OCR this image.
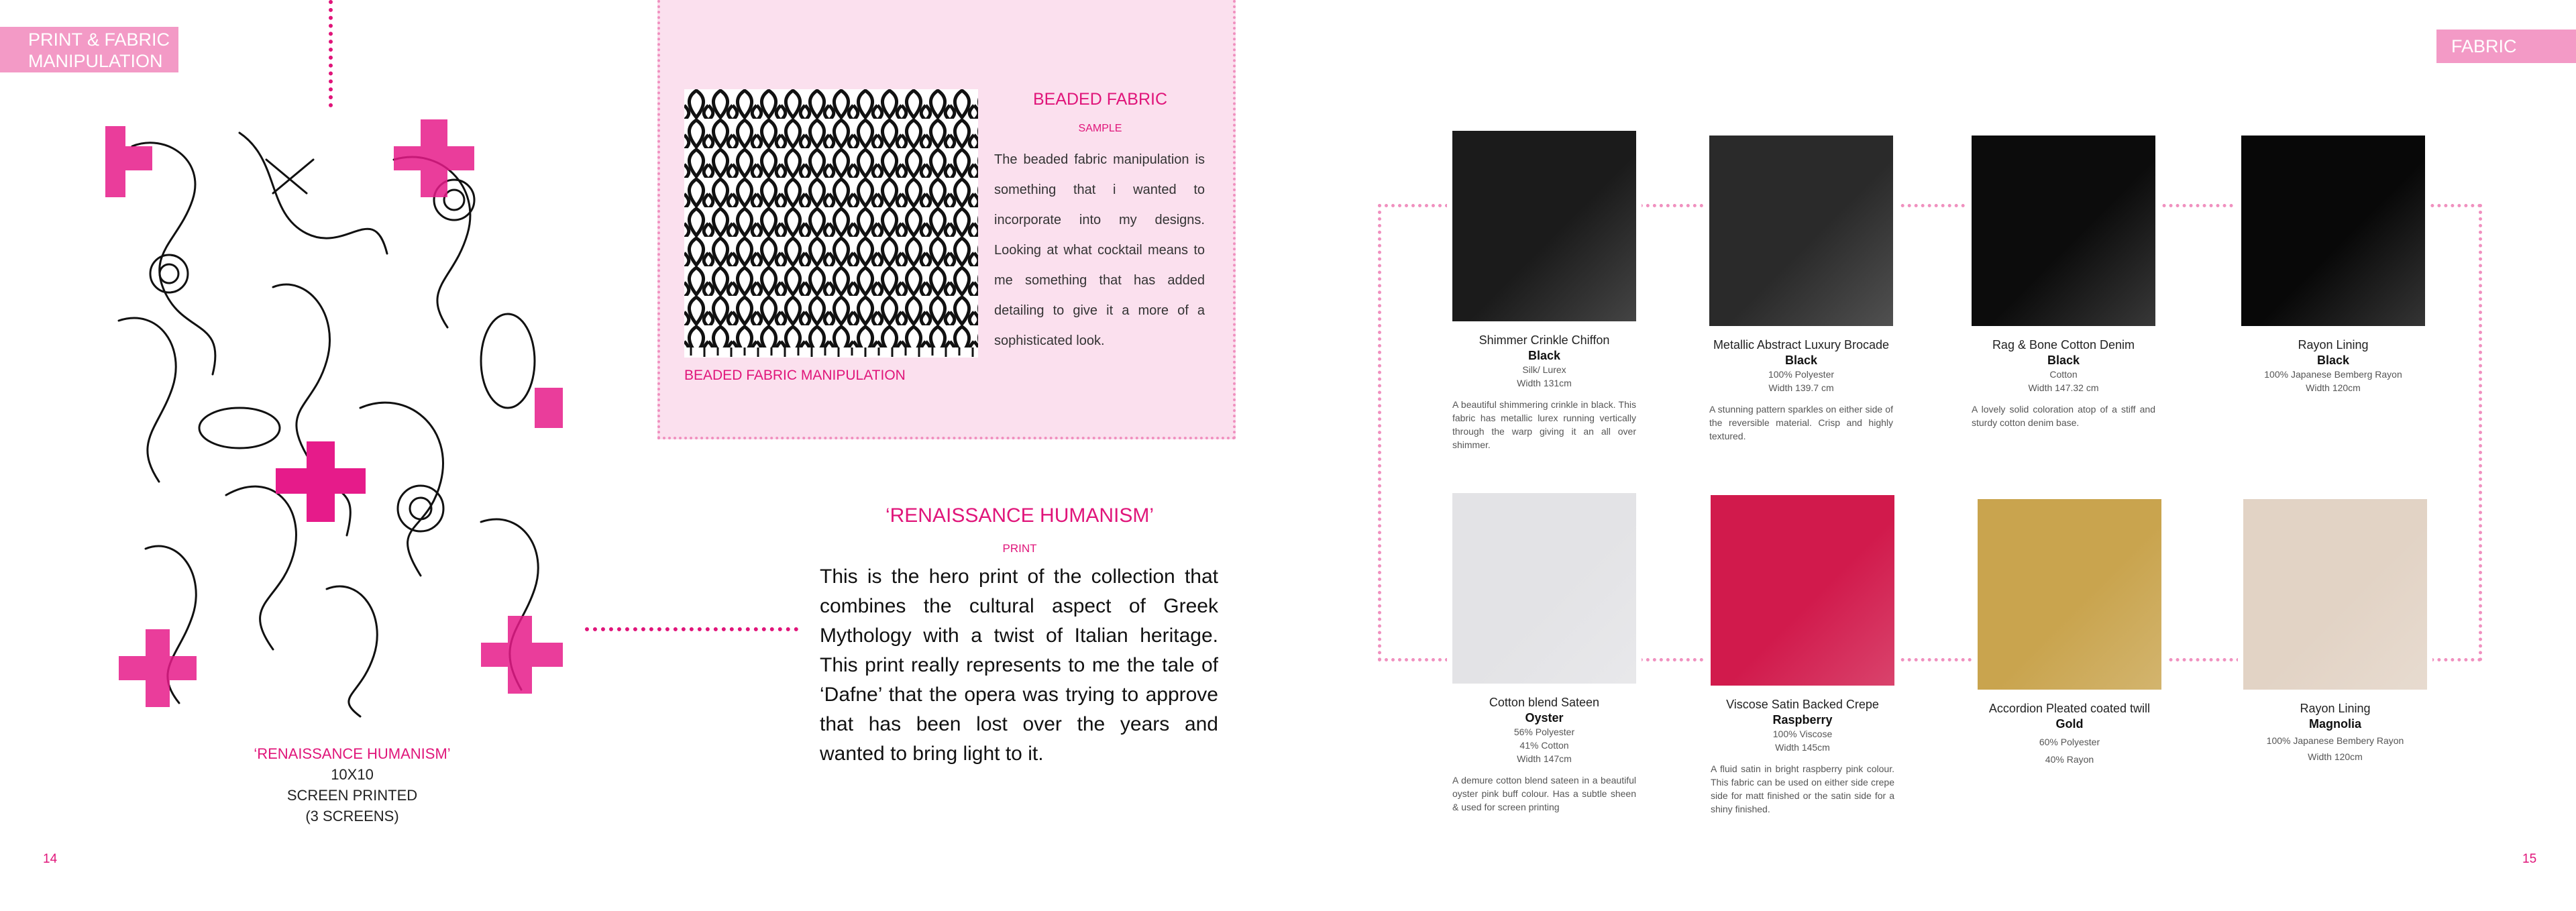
PRINT & FABRIC MANIPULATION
‘RENAISSANCE HUMANISM’
10X10
SCREEN PRINTED
(3 SCREENS)
14
BEADED FABRIC
SAMPLE
The beaded fabric manipulation is something that i wanted to incorporate into my designs. Looking at what cocktail means to me something that has added detailing to give it a more of a sophisticated look.
BEADED FABRIC MANIPULATION
‘RENAISSANCE HUMANISM’
PRINT
This is the hero print of the collection that combines the cultural aspect of Greek Mythology with a twist of Italian heritage. This print really represents to me the tale of ‘Dafne’ that the opera was trying to approve that has been lost over the years and wanted to bring light to it.
FABRIC
Shimmer Crinkle Chiffon
Black
Silk/ Lurex
Width 131cm
A beautiful shimmering crinkle in black. This fabric has metallic lurex running vertically through the warp giving it an all over shimmer.
Metallic Abstract Luxury Brocade
Black
100% Polyester
Width 139.7 cm
A stunning pattern sparkles on either side of the reversible material. Crisp and highly textured.
Rag & Bone Cotton Denim
Black
Cotton
Width 147.32 cm
A lovely solid coloration atop of a stiff and sturdy cotton denim base.
Rayon Lining
Black
100% Japanese Bemberg Rayon
Width 120cm
Cotton blend Sateen
Oyster
56% Polyester
41% Cotton
Width 147cm
A demure cotton blend sateen in a beautiful oyster pink buff colour. Has a subtle sheen & used for screen printing
Viscose Satin Backed Crepe
Raspberry
100% Viscose
Width 145cm
A fluid satin in bright raspberry pink colour. This fabric can be used on either side crepe side for matt finished or the satin side for a shiny finished.
Accordion Pleated coated twill
Gold
60% Polyester
40% Rayon
Rayon Lining
Magnolia
100% Japanese Bembery Rayon
Width 120cm
15
